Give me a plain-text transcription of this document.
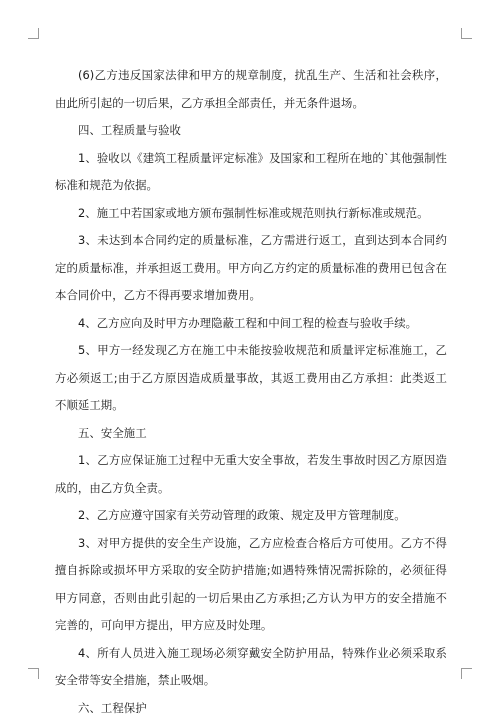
(6)乙方违反国家法律和甲方的规章制度，扰乱生产、生活和社会秩序，由此所引起的一切后果，乙方承担全部责任，并无条件退场。

四、工程质量与验收

1、验收以《建筑工程质量评定标准》及国家和工程所在地的`其他强制性标准和规范为依据。

2、施工中若国家或地方颁布强制性标准或规范则执行新标准或规范。

3、未达到本合同约定的质量标准，乙方需进行返工，直到达到本合同约定的质量标准，并承担返工费用。甲方向乙方约定的质量标准的费用已包含在本合同价中，乙方不得再要求增加费用。

4、乙方应向及时甲方办理隐蔽工程和中间工程的检查与验收手续。

5、甲方一经发现乙方在施工中未能按验收规范和质量评定标准施工，乙方必须返工;由于乙方原因造成质量事故，其返工费用由乙方承担：此类返工不顺延工期。

五、安全施工

1、乙方应保证施工过程中无重大安全事故，若发生事故时因乙方原因造成的，由乙方负全责。

2、乙方应遵守国家有关劳动管理的政策、规定及甲方管理制度。

3、对甲方提供的安全生产设施，乙方应检查合格后方可使用。乙方不得擅自拆除或损坏甲方采取的安全防护措施;如遇特殊情况需拆除的，必须征得甲方同意，否则由此引起的一切后果由乙方承担;乙方认为甲方的安全措施不完善的，可向甲方提出，甲方应及时处理。

4、所有人员进入施工现场必须穿戴安全防护用品，特殊作业必须采取系安全带等安全措施，禁止吸烟。

六、工程保护
